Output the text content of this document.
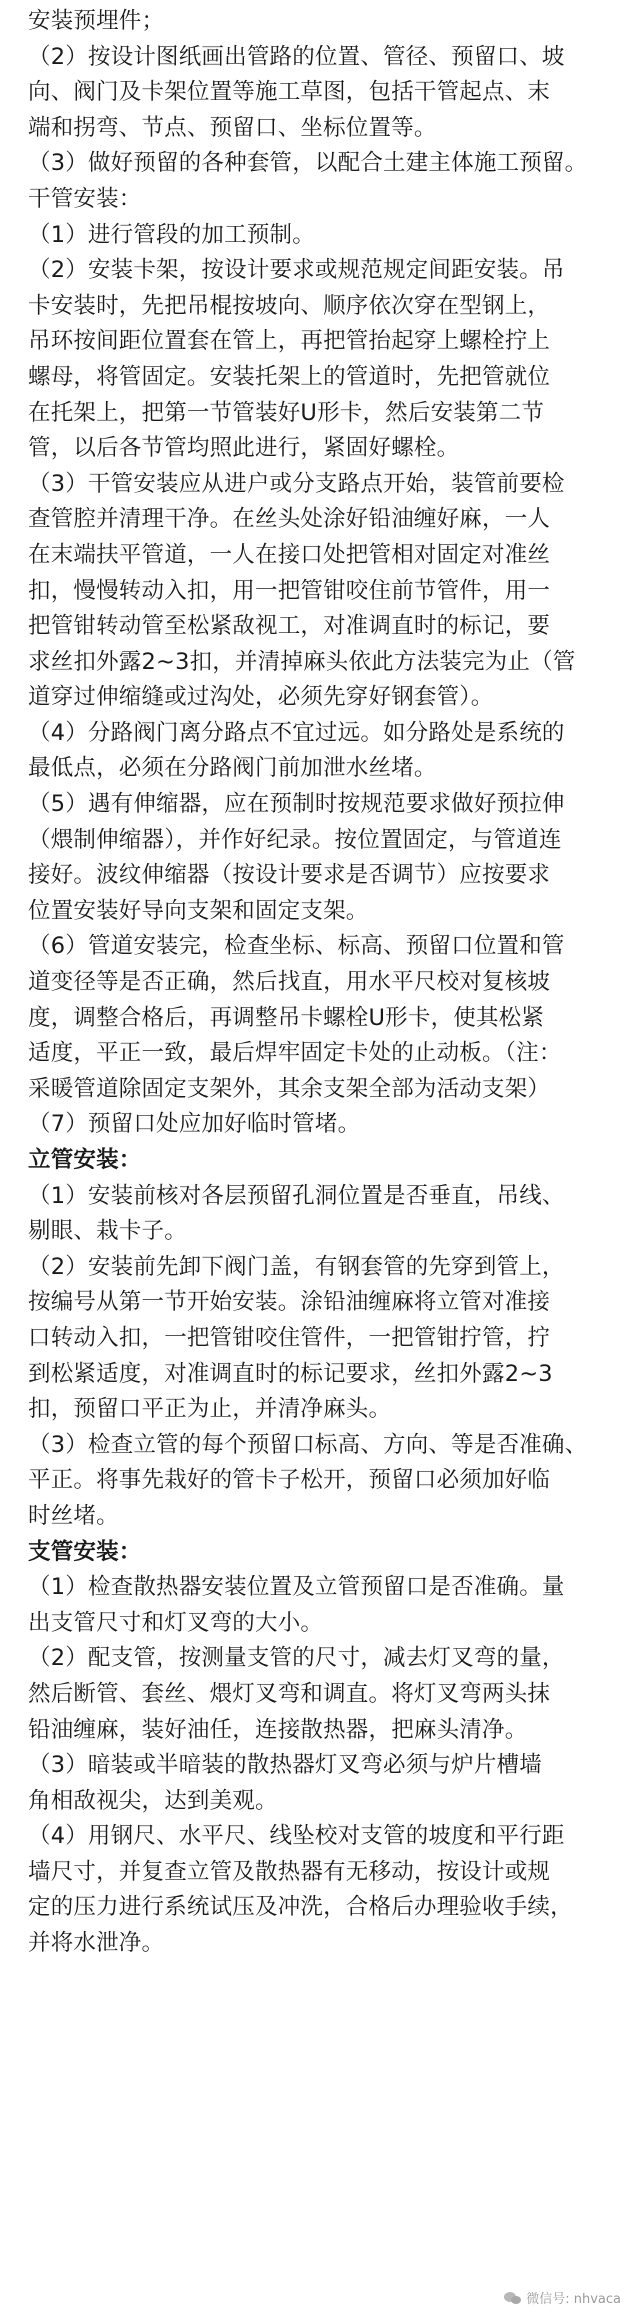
安装预埋件；
（2）按设计图纸画出管路的位置、管径、预留口、坡
向、阀门及卡架位置等施工草图，包括干管起点、末
端和拐弯、节点、预留口、坐标位置等。
（3）做好预留的各种套管，以配合土建主体施工预留。
干管安装：
（1）进行管段的加工预制。
（2）安装卡架，按设计要求或规范规定间距安装。吊
卡安装时，先把吊棍按坡向、顺序依次穿在型钢上，
吊环按间距位置套在管上，再把管抬起穿上螺栓拧上
螺母，将管固定。安装托架上的管道时，先把管就位
在托架上，把第一节管装好U形卡，然后安装第二节
管，以后各节管均照此进行，紧固好螺栓。
（3）干管安装应从进户或分支路点开始，装管前要检
查管腔并清理干净。在丝头处涂好铅油缠好麻，一人
在末端扶平管道，一人在接口处把管相对固定对准丝
扣，慢慢转动入扣，用一把管钳咬住前节管件，用一
把管钳转动管至松紧敌视工，对准调直时的标记，要
求丝扣外露2~3扣，并清掉麻头依此方法装完为止（管
道穿过伸缩缝或过沟处，必须先穿好钢套管）。
（4）分路阀门离分路点不宜过远。如分路处是系统的
最低点，必须在分路阀门前加泄水丝堵。
（5）遇有伸缩器，应在预制时按规范要求做好预拉伸
（煨制伸缩器），并作好纪录。按位置固定，与管道连
接好。波纹伸缩器（按设计要求是否调节）应按要求
位置安装好导向支架和固定支架。
（6）管道安装完，检查坐标、标高、预留口位置和管
道变径等是否正确，然后找直，用水平尺校对复核坡
度，调整合格后，再调整吊卡螺栓U形卡，使其松紧
适度，平正一致，最后焊牢固定卡处的止动板。（注：
采暖管道除固定支架外，其余支架全部为活动支架）
（7）预留口处应加好临时管堵。
立管安装：
（1）安装前核对各层预留孔洞位置是否垂直，吊线、
剔眼、栽卡子。
（2）安装前先卸下阀门盖，有钢套管的先穿到管上，
按编号从第一节开始安装。涂铅油缠麻将立管对准接
口转动入扣，一把管钳咬住管件，一把管钳拧管，拧
到松紧适度，对准调直时的标记要求，丝扣外露2~3
扣，预留口平正为止，并清净麻头。
（3）检查立管的每个预留口标高、方向、等是否准确、
平正。将事先栽好的管卡子松开，预留口必须加好临
时丝堵。
支管安装：
（1）检查散热器安装位置及立管预留口是否准确。量
出支管尺寸和灯叉弯的大小。
（2）配支管，按测量支管的尺寸，减去灯叉弯的量，
然后断管、套丝、煨灯叉弯和调直。将灯叉弯两头抹
铅油缠麻，装好油任，连接散热器，把麻头清净。
（3）暗装或半暗装的散热器灯叉弯必须与炉片槽墙
角相敌视尖，达到美观。
（4）用钢尺、水平尺、线坠校对支管的坡度和平行距
墙尺寸，并复查立管及散热器有无移动，按设计或规
定的压力进行系统试压及冲洗，合格后办理验收手续，
并将水泄净。
微信号: nhvaca
